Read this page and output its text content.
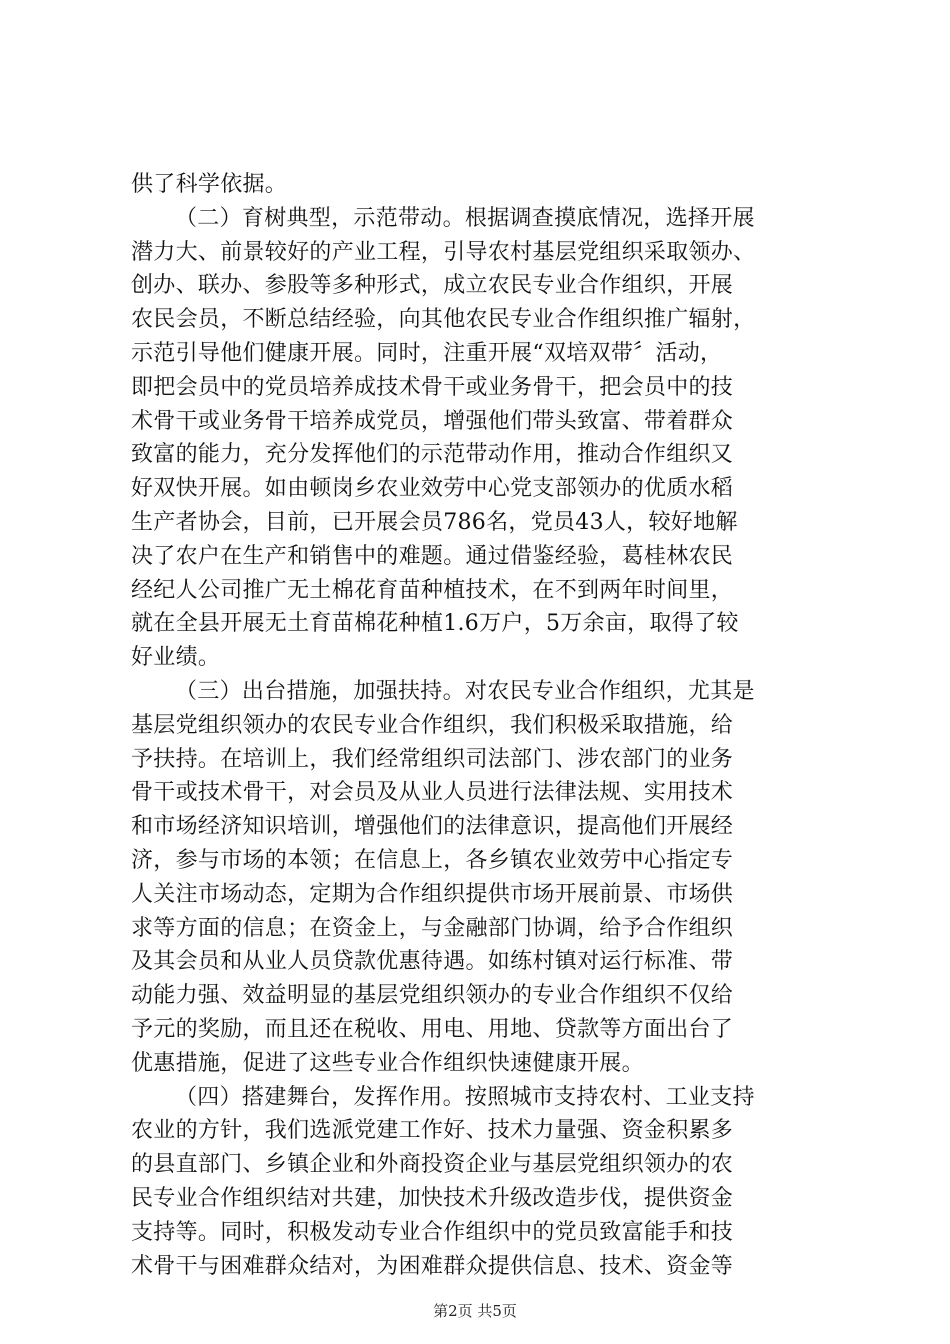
供了科学依据。
（二）育树典型，示范带动。根据调查摸底情况，选择开展
潜力大、前景较好的产业工程，引导农村基层党组织采取领办、
创办、联办、参股等多种形式，成立农民专业合作组织，开展
农民会员，不断总结经验，向其他农民专业合作组织推广辐射，
示范引导他们健康开展。同时，注重开展“双培双带〞活动，
即把会员中的党员培养成技术骨干或业务骨干，把会员中的技
术骨干或业务骨干培养成党员，增强他们带头致富、带着群众
致富的能力，充分发挥他们的示范带动作用，推动合作组织又
好双快开展。如由顿岗乡农业效劳中心党支部领办的优质水稻
生产者协会，目前，已开展会员786名，党员43人，较好地解
决了农户在生产和销售中的难题。通过借鉴经验，葛桂林农民
经纪人公司推广无土棉花育苗种植技术，在不到两年时间里，
就在全县开展无土育苗棉花种植1.6万户，5万余亩，取得了较
好业绩。
（三）出台措施，加强扶持。对农民专业合作组织，尤其是
基层党组织领办的农民专业合作组织，我们积极采取措施，给
予扶持。在培训上，我们经常组织司法部门、涉农部门的业务
骨干或技术骨干，对会员及从业人员进行法律法规、实用技术
和市场经济知识培训，增强他们的法律意识，提高他们开展经
济，参与市场的本领；在信息上，各乡镇农业效劳中心指定专
人关注市场动态，定期为合作组织提供市场开展前景、市场供
求等方面的信息；在资金上，与金融部门协调，给予合作组织
及其会员和从业人员贷款优惠待遇。如练村镇对运行标准、带
动能力强、效益明显的基层党组织领办的专业合作组织不仅给
予元的奖励，而且还在税收、用电、用地、贷款等方面出台了
优惠措施，促进了这些专业合作组织快速健康开展。
（四）搭建舞台，发挥作用。按照城市支持农村、工业支持
农业的方针，我们选派党建工作好、技术力量强、资金积累多
的县直部门、乡镇企业和外商投资企业与基层党组织领办的农
民专业合作组织结对共建，加快技术升级改造步伐，提供资金
支持等。同时，积极发动专业合作组织中的党员致富能手和技
术骨干与困难群众结对，为困难群众提供信息、技术、资金等
第2页 共5页
